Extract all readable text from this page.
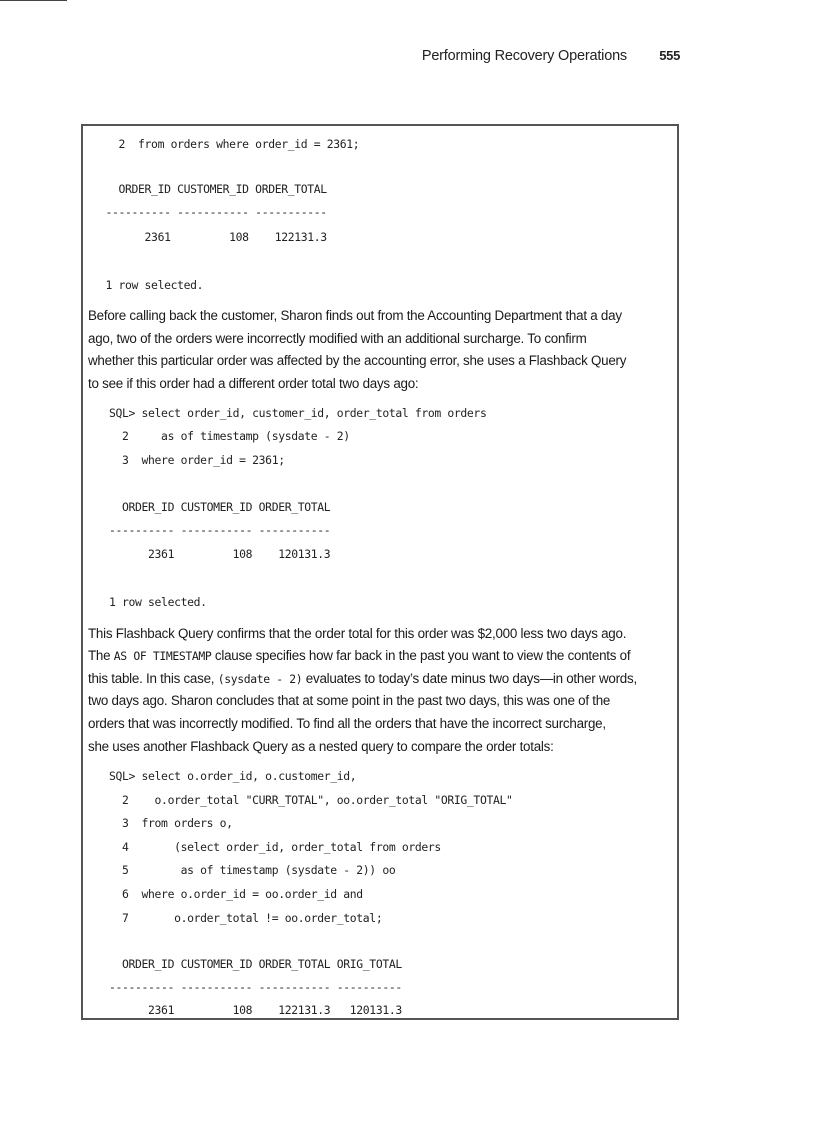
Performing Recovery Operations 555
2  from orders where order_id = 2361;
ORDER_ID CUSTOMER_ID ORDER_TOTAL
---------- ----------- -----------
2361         108    122131.3
1 row selected.
Before calling back the customer, Sharon finds out from the Accounting Department that a day
ago, two of the orders were incorrectly modified with an additional surcharge. To confirm
whether this particular order was affected by the accounting error, she uses a Flashback Query
to see if this order had a different order total two days ago:
SQL> select order_id, customer_id, order_total from orders
2     as of timestamp (sysdate - 2)
3  where order_id = 2361;
ORDER_ID CUSTOMER_ID ORDER_TOTAL
---------- ----------- -----------
2361         108    120131.3
1 row selected.
This Flashback Query confirms that the order total for this order was $2,000 less two days ago.
The AS OF TIMESTAMP clause specifies how far back in the past you want to view the contents of
this table. In this case, (sysdate - 2) evaluates to today’s date minus two days—in other words,
two days ago. Sharon concludes that at some point in the past two days, this was one of the
orders that was incorrectly modified. To find all the orders that have the incorrect surcharge,
she uses another Flashback Query as a nested query to compare the order totals:
SQL> select o.order_id, o.customer_id,
2    o.order_total "CURR_TOTAL", oo.order_total "ORIG_TOTAL"
3  from orders o,
4       (select order_id, order_total from orders
5        as of timestamp (sysdate - 2)) oo
6  where o.order_id = oo.order_id and
7       o.order_total != oo.order_total;
ORDER_ID CUSTOMER_ID ORDER_TOTAL ORIG_TOTAL
---------- ----------- ----------- ----------
2361         108    122131.3   120131.3
